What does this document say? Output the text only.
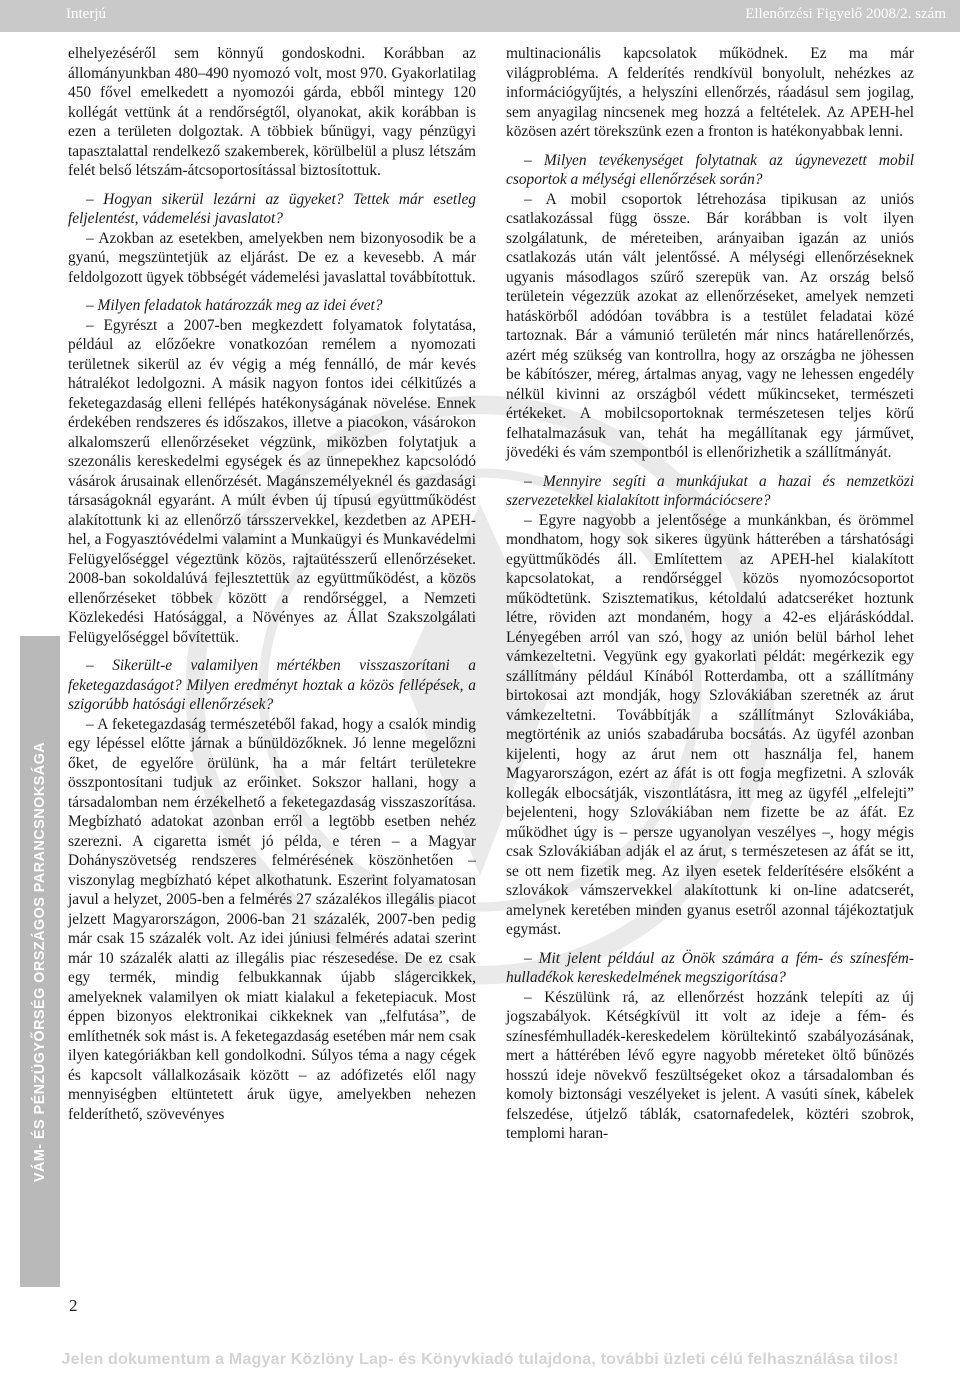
Interjú	Ellenőrzési Figyelő 2008/2. szám
VÁM- ÉS PÉNZÜGYŐRSÉG ORSZÁGOS PARANCSNOKSÁGA

elhelyezéséről sem könnyű gondoskodni. Korábban az állományunkban 480–490 nyomozó volt, most 970. Gyakorlatilag 450 fővel emelkedett a nyomozói gárda, ebből mintegy 120 kollégát vettünk át a rendőrségtől, olyanokat, akik korábban is ezen a területen dolgoztak. A többiek bűnügyi, vagy pénzügyi tapasztalattal rendelkező szakemberek, körülbelül a plusz létszám felét belső létszám-átcsoportosítással biztosítottuk.

– Hogyan sikerül lezárni az ügyeket? Tettek már esetleg feljelentést, vádemelési javaslatot?

– Azokban az esetekben, amelyekben nem bizonyosodik be a gyanú, megszüntetjük az eljárást. De ez a kevesebb. A már feldolgozott ügyek többségét vádemelési javaslattal továbbítottuk.

– Milyen feladatok határozzák meg az idei évet?

– Egyrészt a 2007-ben megkezdett folyamatok folytatása, például az előzőekre vonatkozóan remélem a nyomozati területnek sikerül az év végig a még fennálló, de már kevés hátralékot ledolgozni. A másik nagyon fontos idei célkitűzés a feketegazdaság elleni fellépés hatékonyságának növelése. Ennek érdekében rendszeres és időszakos, illetve a piacokon, vásárokon alkalomszerű ellenőrzéseket végzünk, miközben folytatjuk a szezonális kereskedelmi egységek és az ünnepekhez kapcsolódó vásárok árusainak ellenőrzését. Magánszemélyeknél és gazdasági társaságoknál egyaránt. A múlt évben új típusú együttműködést alakítottunk ki az ellenőrző társszervekkel, kezdetben az APEH-hel, a Fogyasztóvédelmi valamint a Munkaügyi és Munkavédelmi Felügyelőséggel végeztünk közös, rajtaütésszerű ellenőrzéseket. 2008-ban sokoldalúvá fejlesztettük az együttműködést, a közös ellenőrzéseket többek között a rendőrséggel, a Nemzeti Közlekedési Hatósággal, a Növényes az Állat Szakszolgálati Felügyelőséggel bővítettük.

– Sikerült-e valamilyen mértékben visszaszorítani a feketegazdaságot? Milyen eredményt hoztak a közös fellépések, a szigorúbb hatósági ellenőrzések?

– A feketegazdaság természetéből fakad, hogy a csalók mindig egy lépéssel előtte járnak a bűnüldözőknek. Jó lenne megelőzni őket, de egyelőre örülünk, ha a már feltárt területekre összpontosítani tudjuk az erőinket. Sokszor hallani, hogy a társadalomban nem érzékelhető a feketegazdaság visszaszorítása. Megbízható adatokat azonban erről a legtöbb esetben nehéz szerezni. A cigaretta ismét jó példa, e téren – a Magyar Dohányszövetség rendszeres felmérésének köszönhetően – viszonylag megbízható képet alkothatunk. Eszerint folyamatosan javul a helyzet, 2005-ben a felmérés 27 százalékos illegális piacot jelzett Magyarországon, 2006-ban 21 százalék, 2007-ben pedig már csak 15 százalék volt. Az idei júniusi felmérés adatai szerint már 10 százalék alatti az illegális piac részesedése. De ez csak egy termék, mindig felbukkannak újabb slágercikkek, amelyeknek valamilyen ok miatt kialakul a feketepiacuk. Most éppen bizonyos elektronikai cikkeknek van „felfutása”, de említhetnék sok mást is. A feketegazdaság esetében már nem csak ilyen kategóriákban kell gondolkodni. Súlyos téma a nagy cégek és kapcsolt vállalkozásaik között – az adófizetés elől nagy mennyiségben eltüntetett áruk ügye, amelyekben nehezen felderíthető, szövevényes

multinacionális kapcsolatok működnek. Ez ma már világprobléma. A felderítés rendkívül bonyolult, nehézkes az információgyűjtés, a helyszíni ellenőrzés, ráadásul sem jogilag, sem anyagilag nincsenek meg hozzá a feltételek. Az APEH-hel közösen azért törekszünk ezen a fronton is hatékonyabbak lenni.

– Milyen tevékenységet folytatnak az úgynevezett mobil csoportok a mélységi ellenőrzések során?

– A mobil csoportok létrehozása tipikusan az uniós csatlakozással függ össze. Bár korábban is volt ilyen szolgálatunk, de méreteiben, arányaiban igazán az uniós csatlakozás után vált jelentőssé. A mélységi ellenőrzéseknek ugyanis másodlagos szűrő szerepük van. Az ország belső területein végezzük azokat az ellenőrzéseket, amelyek nemzeti hatáskörből adódóan továbbra is a testület feladatai közé tartoznak. Bár a vámunió területén már nincs határellenőrzés, azért még szükség van kontrollra, hogy az országba ne jöhessen be kábítószer, méreg, ártalmas anyag, vagy ne lehessen engedély nélkül kivinni az országból védett műkincseket, természeti értékeket. A mobilcsoportoknak természetesen teljes körű felhatalmazásuk van, tehát ha megállítanak egy járművet, jövedéki és vám szempontból is ellenőrizhetik a szállítmányát.

– Mennyire segíti a munkájukat a hazai és nemzetközi szervezetekkel kialakított információcsere?

– Egyre nagyobb a jelentősége a munkánkban, és örömmel mondhatom, hogy sok sikeres ügyünk hátterében a társhatósági együttműködés áll. Említettem az APEH-hel kialakított kapcsolatokat, a rendőrséggel közös nyomozócsoportot működtetünk. Szisztematikus, kétoldalú adatcseréket hoztunk létre, röviden azt mondaném, hogy a 42-es eljáráskóddal. Lényegében arról van szó, hogy az unión belül bárhol lehet vámkezeltetni. Vegyünk egy gyakorlati példát: megérkezik egy szállítmány például Kínából Rotterdamba, ott a szállítmány birtokosai azt mondják, hogy Szlovákiában szeretnék az árut vámkezeltetni. Továbbítják a szállítmányt Szlovákiába, megtörténik az uniós szabadáruba bocsátás. Az ügyfél azonban kijelenti, hogy az árut nem ott használja fel, hanem Magyarországon, ezért az áfát is ott fogja megfizetni. A szlovák kollegák elbocsátják, viszontlátásra, itt meg az ügyfél „elfelejti” bejelenteni, hogy Szlovákiában nem fizette be az áfát. Ez működhet úgy is – persze ugyanolyan veszélyes –, hogy mégis csak Szlovákiában adják el az árut, s természetesen az áfát se itt, se ott nem fizetik meg. Az ilyen esetek felderítésére elsőként a szlovákok vámszervekkel alakítottunk ki on-line adatcserét, amelynek keretében minden gyanus esetről azonnal tájékoztatjuk egymást.

– Mit jelent például az Önök számára a fém- és színesfém-hulladékok kereskedelmének megszigorítása?

– Készülünk rá, az ellenőrzést hozzánk telepíti az új jogszabályok. Kétségkívül itt volt az ideje a fém- és színesfémhulladék-kereskedelem körültekintő szabályozásának, mert a háttérében lévő egyre nagyobb méreteket öltő bűnözés hosszú ideje növekvő feszültségeket okoz a társadalomban és komoly biztonsági veszélyeket is jelent. A vasúti sínek, kábelek felszedése, útjelző táblák, csatornafedelek, köztéri szobrok, templomi haran-

2
Jelen dokumentum a Magyar Közlöny Lap- és Könyvkiadó tulajdona, további üzleti célú felhasználása tilos!
